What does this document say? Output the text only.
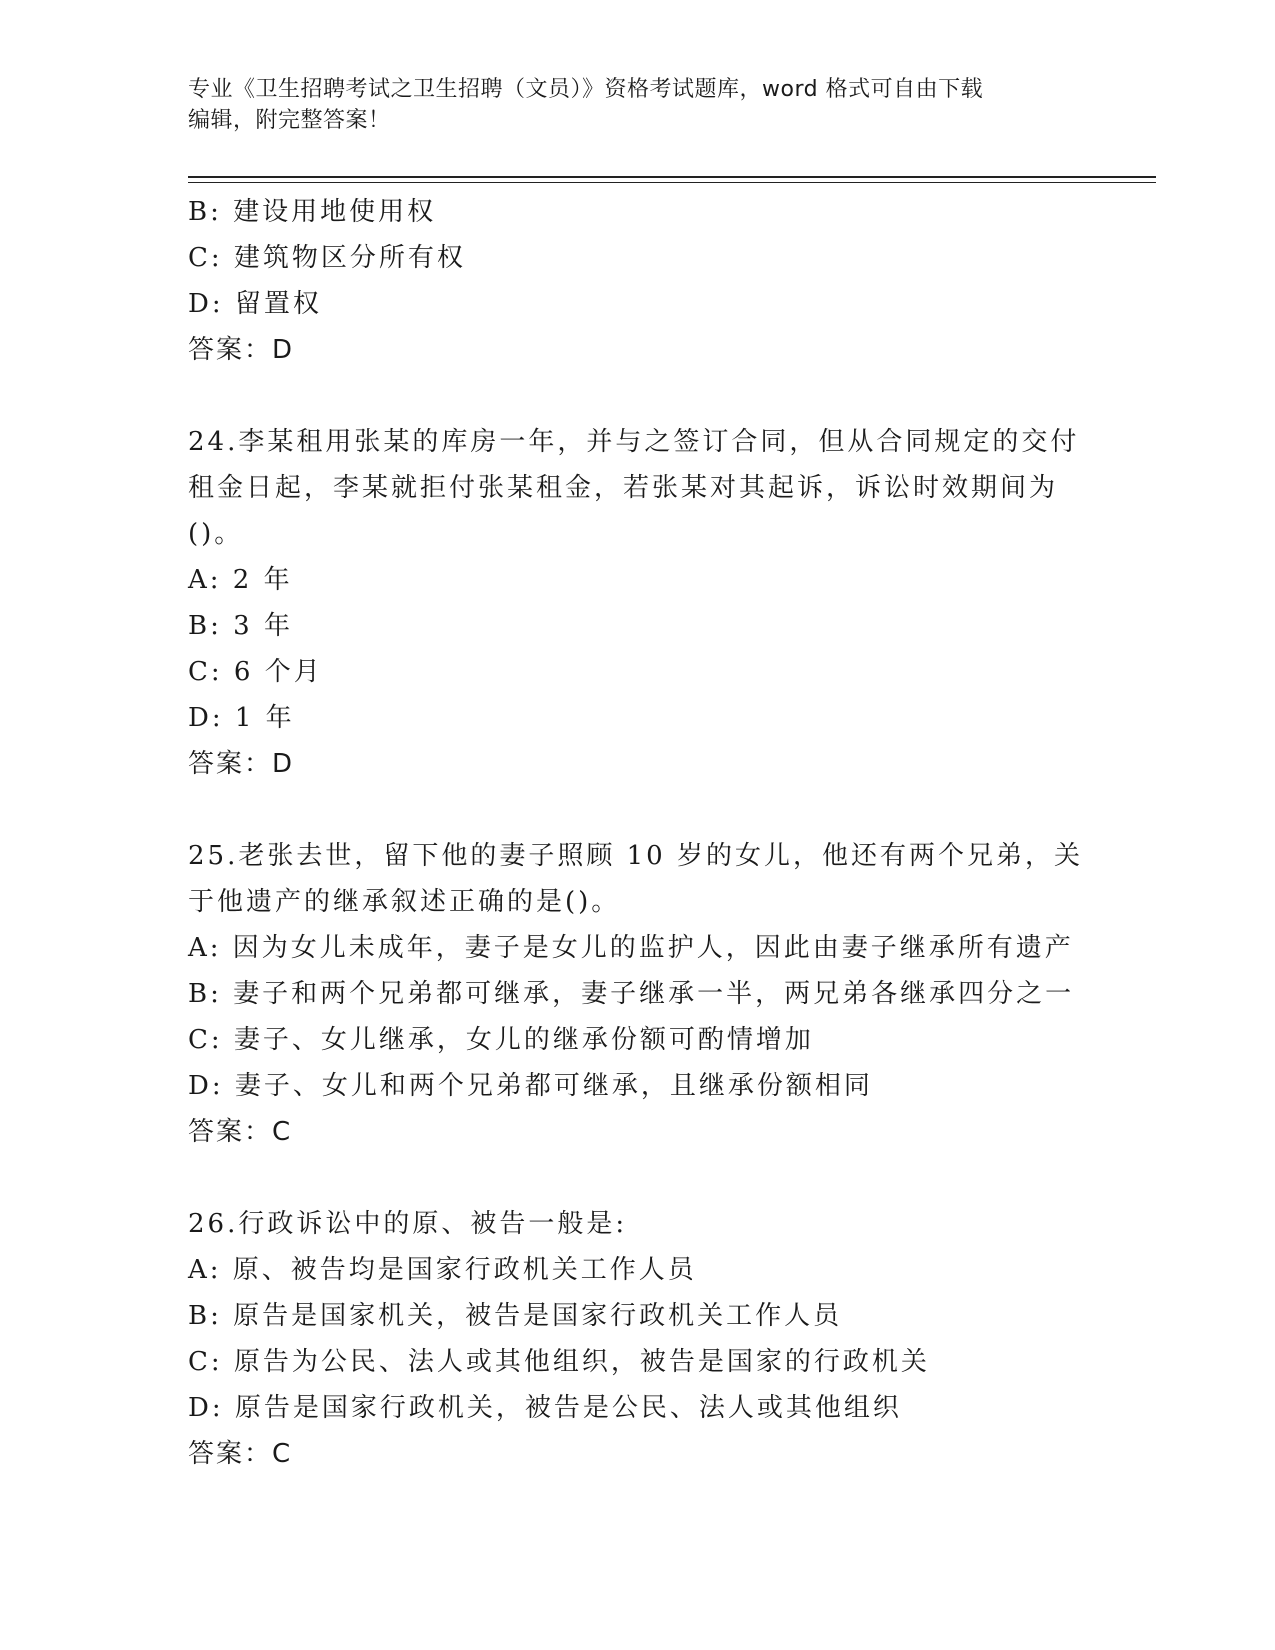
专业《卫生招聘考试之卫生招聘（文员）》资格考试题库，word 格式可自由下载
编辑，附完整答案！
B: 建设用地使用权
C: 建筑物区分所有权
D: 留置权
答案：D
24.李某租用张某的库房一年，并与之签订合同，但从合同规定的交付
租金日起，李某就拒付张某租金，若张某对其起诉，诉讼时效期间为
()。
A: 2 年
B: 3 年
C: 6 个月
D: 1 年
答案：D
25.老张去世，留下他的妻子照顾 10 岁的女儿，他还有两个兄弟，关
于他遗产的继承叙述正确的是()。
A: 因为女儿未成年，妻子是女儿的监护人，因此由妻子继承所有遗产
B: 妻子和两个兄弟都可继承，妻子继承一半，两兄弟各继承四分之一
C: 妻子、女儿继承，女儿的继承份额可酌情增加
D: 妻子、女儿和两个兄弟都可继承，且继承份额相同
答案：C
26.行政诉讼中的原、被告一般是:
A: 原、被告均是国家行政机关工作人员
B: 原告是国家机关，被告是国家行政机关工作人员
C: 原告为公民、法人或其他组织，被告是国家的行政机关
D: 原告是国家行政机关，被告是公民、法人或其他组织
答案：C
